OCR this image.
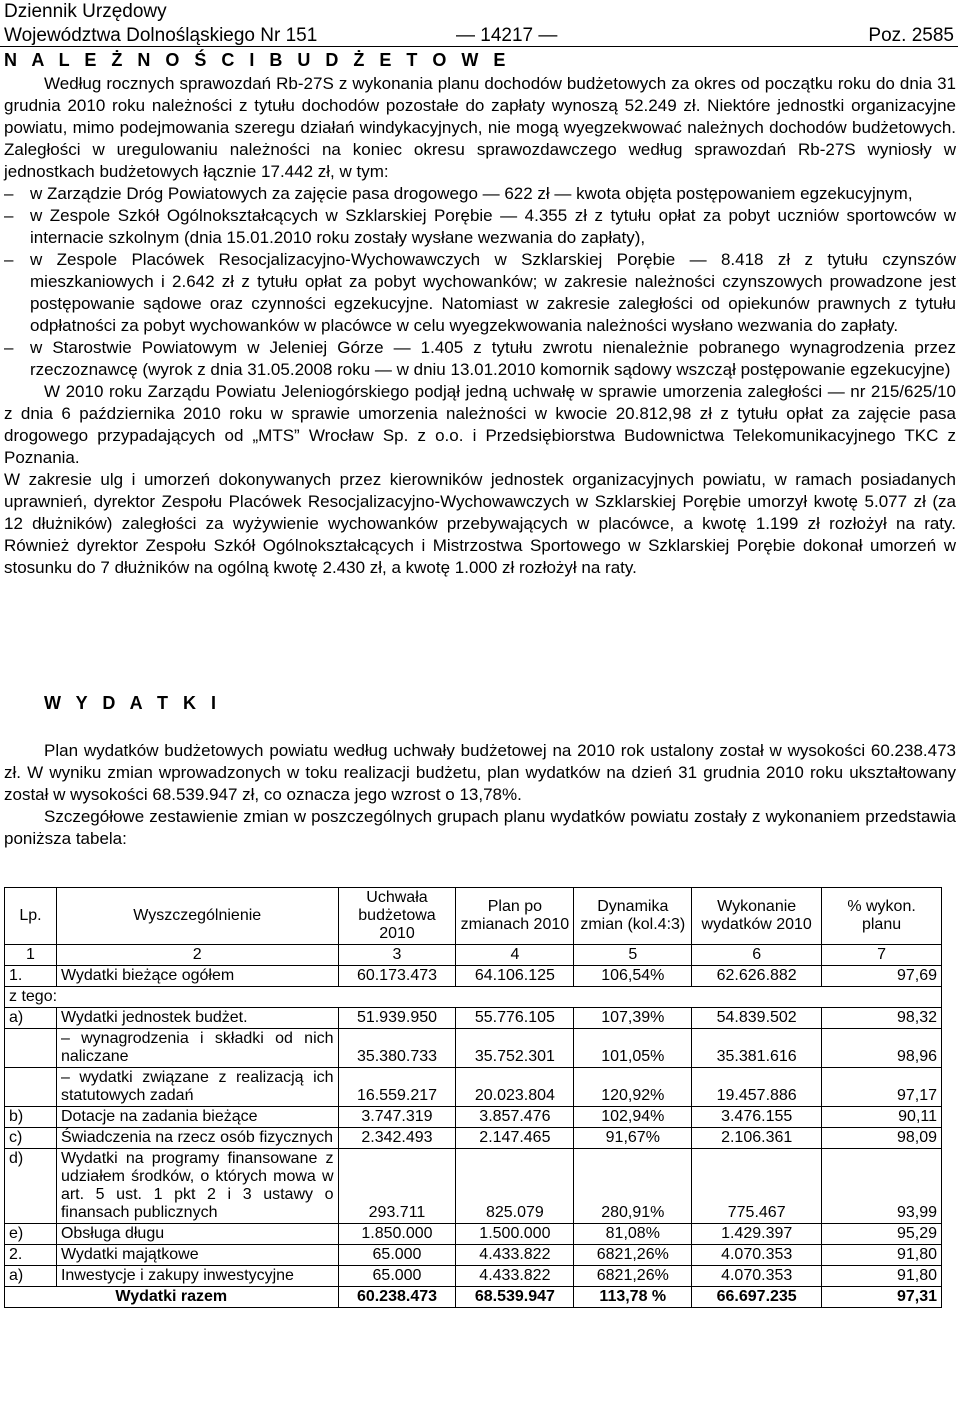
Dziennik Urzędowy
Województwa Dolnośląskiego Nr 151	— 14217 —	Poz. 2585
N A L E Ż N O Ś C I B U D Ż E T O W E

Według rocznych sprawozdań Rb-27S z wykonania planu dochodów budżetowych za okres od początku roku do dnia 31 grudnia 2010 roku należności z tytułu dochodów pozostałe do zapłaty wynoszą 52.249 zł. Niektóre jednostki organizacyjne powiatu, mimo podejmowania szeregu działań windykacyjnych, nie mogą wyegzekwować należnych dochodów budżetowych. Zaległości w uregulowaniu należności na koniec okresu sprawozdawczego według sprawozdań Rb-27S wyniosły w jednostkach budżetowych łącznie 17.442 zł, w tym:

– w Zarządzie Dróg Powiatowych za zajęcie pasa drogowego — 622 zł — kwota objęta postępowaniem egzekucyjnym,
– w Zespole Szkół Ogólnokształcących w Szklarskiej Porębie — 4.355 zł z tytułu opłat za pobyt uczniów sportowców w internacie szkolnym (dnia 15.01.2010 roku zostały wysłane wezwania do zapłaty),
– w Zespole Placówek Resocjalizacyjno-Wychowawczych w Szklarskiej Porębie — 8.418 zł z tytułu czynszów mieszkaniowych i 2.642 zł z tytułu opłat za pobyt wychowanków; w zakresie należności czynszowych prowadzone jest postępowanie sądowe oraz czynności egzekucyjne. Natomiast w zakresie zaległości od opiekunów prawnych z tytułu odpłatności za pobyt wychowanków w placówce w celu wyegzekwowania należności wysłano wezwania do zapłaty.
– w Starostwie Powiatowym w Jeleniej Górze — 1.405 z tytułu zwrotu nienależnie pobranego wynagrodzenia przez rzeczoznawcę (wyrok z dnia 31.05.2008 roku — w dniu 13.01.2010 komornik sądowy wszczął postępowanie egzekucyjne)

W 2010 roku Zarządu Powiatu Jeleniogórskiego podjął jedną uchwałę w sprawie umorzenia zaległości — nr 215/625/10 z dnia 6 października 2010 roku w sprawie umorzenia należności w kwocie 20.812,98 zł z tytułu opłat za zajęcie pasa drogowego przypadających od „MTS” Wrocław Sp. z o.o. i Przedsiębiorstwa Budownictwa Telekomunikacyjnego TKC z Poznania.

W zakresie ulg i umorzeń dokonywanych przez kierowników jednostek organizacyjnych powiatu, w ramach posiadanych uprawnień, dyrektor Zespołu Placówek Resocjalizacyjno-Wychowawczych w Szklarskiej Porębie umorzył kwotę 5.077 zł (za 12 dłużników) zaległości za wyżywienie wychowanków przebywających w placówce, a kwotę 1.199 zł rozłożył na raty. Również dyrektor Zespołu Szkół Ogólnokształcących i Mistrzostwa Sportowego w Szklarskiej Porębie dokonał umorzeń w stosunku do 7 dłużników na ogólną kwotę 2.430 zł, a kwotę 1.000 zł rozłożył na raty.

W Y D A T K I

Plan wydatków budżetowych powiatu według uchwały budżetowej na 2010 rok ustalony został w wysokości 60.238.473 zł. W wyniku zmian wprowadzonych w toku realizacji budżetu, plan wydatków na dzień 31 grudnia 2010 roku ukształtowany został w wysokości 68.539.947 zł, co oznacza jego wzrost o 13,78%.

Szczegółowe zestawienie zmian w poszczególnych grupach planu wydatków powiatu zostały z wykonaniem przedstawia poniższa tabela:

Lp.	Wyszczególnienie	Uchwała budżetowa 2010	Plan po zmianach 2010	Dynamika zmian (kol.4:3)	Wykonanie wydatków 2010	% wykon. planu
1	2	3	4	5	6	7
1.	Wydatki bieżące ogółem	60.173.473	64.106.125	106,54%	62.626.882	97,69
z tego:						
a)	Wydatki jednostek budżet.	51.939.950	55.776.105	107,39%	54.839.502	98,32
	– wynagrodzenia i składki od nich naliczane	35.380.733	35.752.301	101,05%	35.381.616	98,96
	– wydatki związane z realizacją ich statutowych zadań	16.559.217	20.023.804	120,92%	19.457.886	97,17
b)	Dotacje na zadania bieżące	3.747.319	3.857.476	102,94%	3.476.155	90,11
c)	Świadczenia na rzecz osób fizycznych	2.342.493	2.147.465	91,67%	2.106.361	98,09
d)	Wydatki na programy finansowane z udziałem środków, o których mowa w art. 5 ust. 1 pkt 2 i 3 ustawy o finansach publicznych	293.711	825.079	280,91%	775.467	93,99
e)	Obsługa długu	1.850.000	1.500.000	81,08%	1.429.397	95,29
2.	Wydatki majątkowe	65.000	4.433.822	6821,26%	4.070.353	91,80
a)	Inwestycje i zakupy inwestycyjne	65.000	4.433.822	6821,26%	4.070.353	91,80
Wydatki razem		60.238.473	68.539.947	113,78 %	66.697.235	97,31
